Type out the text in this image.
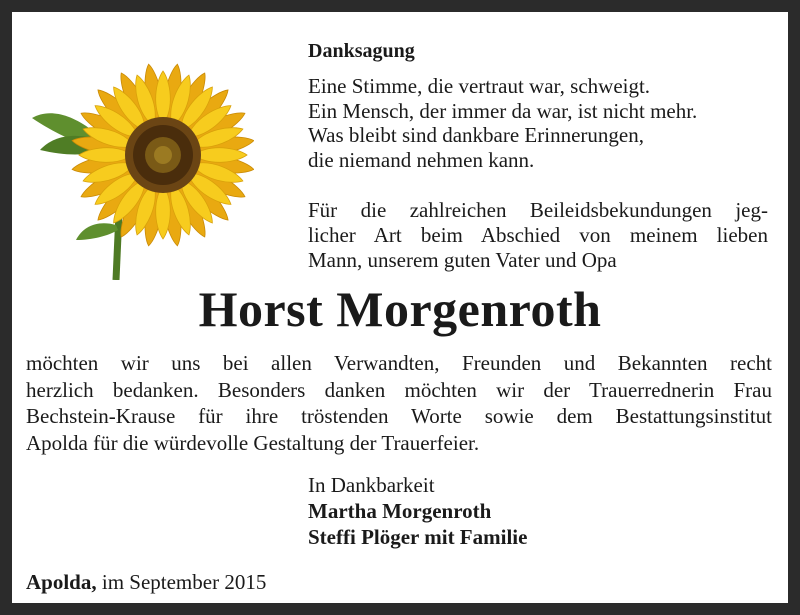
Danksagung
Eine Stimme, die vertraut war, schweigt.
Ein Mensch, der immer da war, ist nicht mehr.
Was bleibt sind dankbare Erinnerungen,
die niemand nehmen kann.
Für die zahlreichen Beileidsbekundungen jeg-
licher Art beim Abschied von meinem lieben
Mann, unserem guten Vater und Opa
Horst Morgenroth
möchten wir uns bei allen Verwandten, Freunden und Bekannten recht
herzlich bedanken. Besonders danken möchten wir der Trauerrednerin Frau
Bechstein-Krause für ihre tröstenden Worte sowie dem Bestattungsinstitut
Apolda für die würdevolle Gestaltung der Trauerfeier.
In Dankbarkeit
Martha Morgenroth
Steffi Plöger mit Familie
Apolda, im September 2015
